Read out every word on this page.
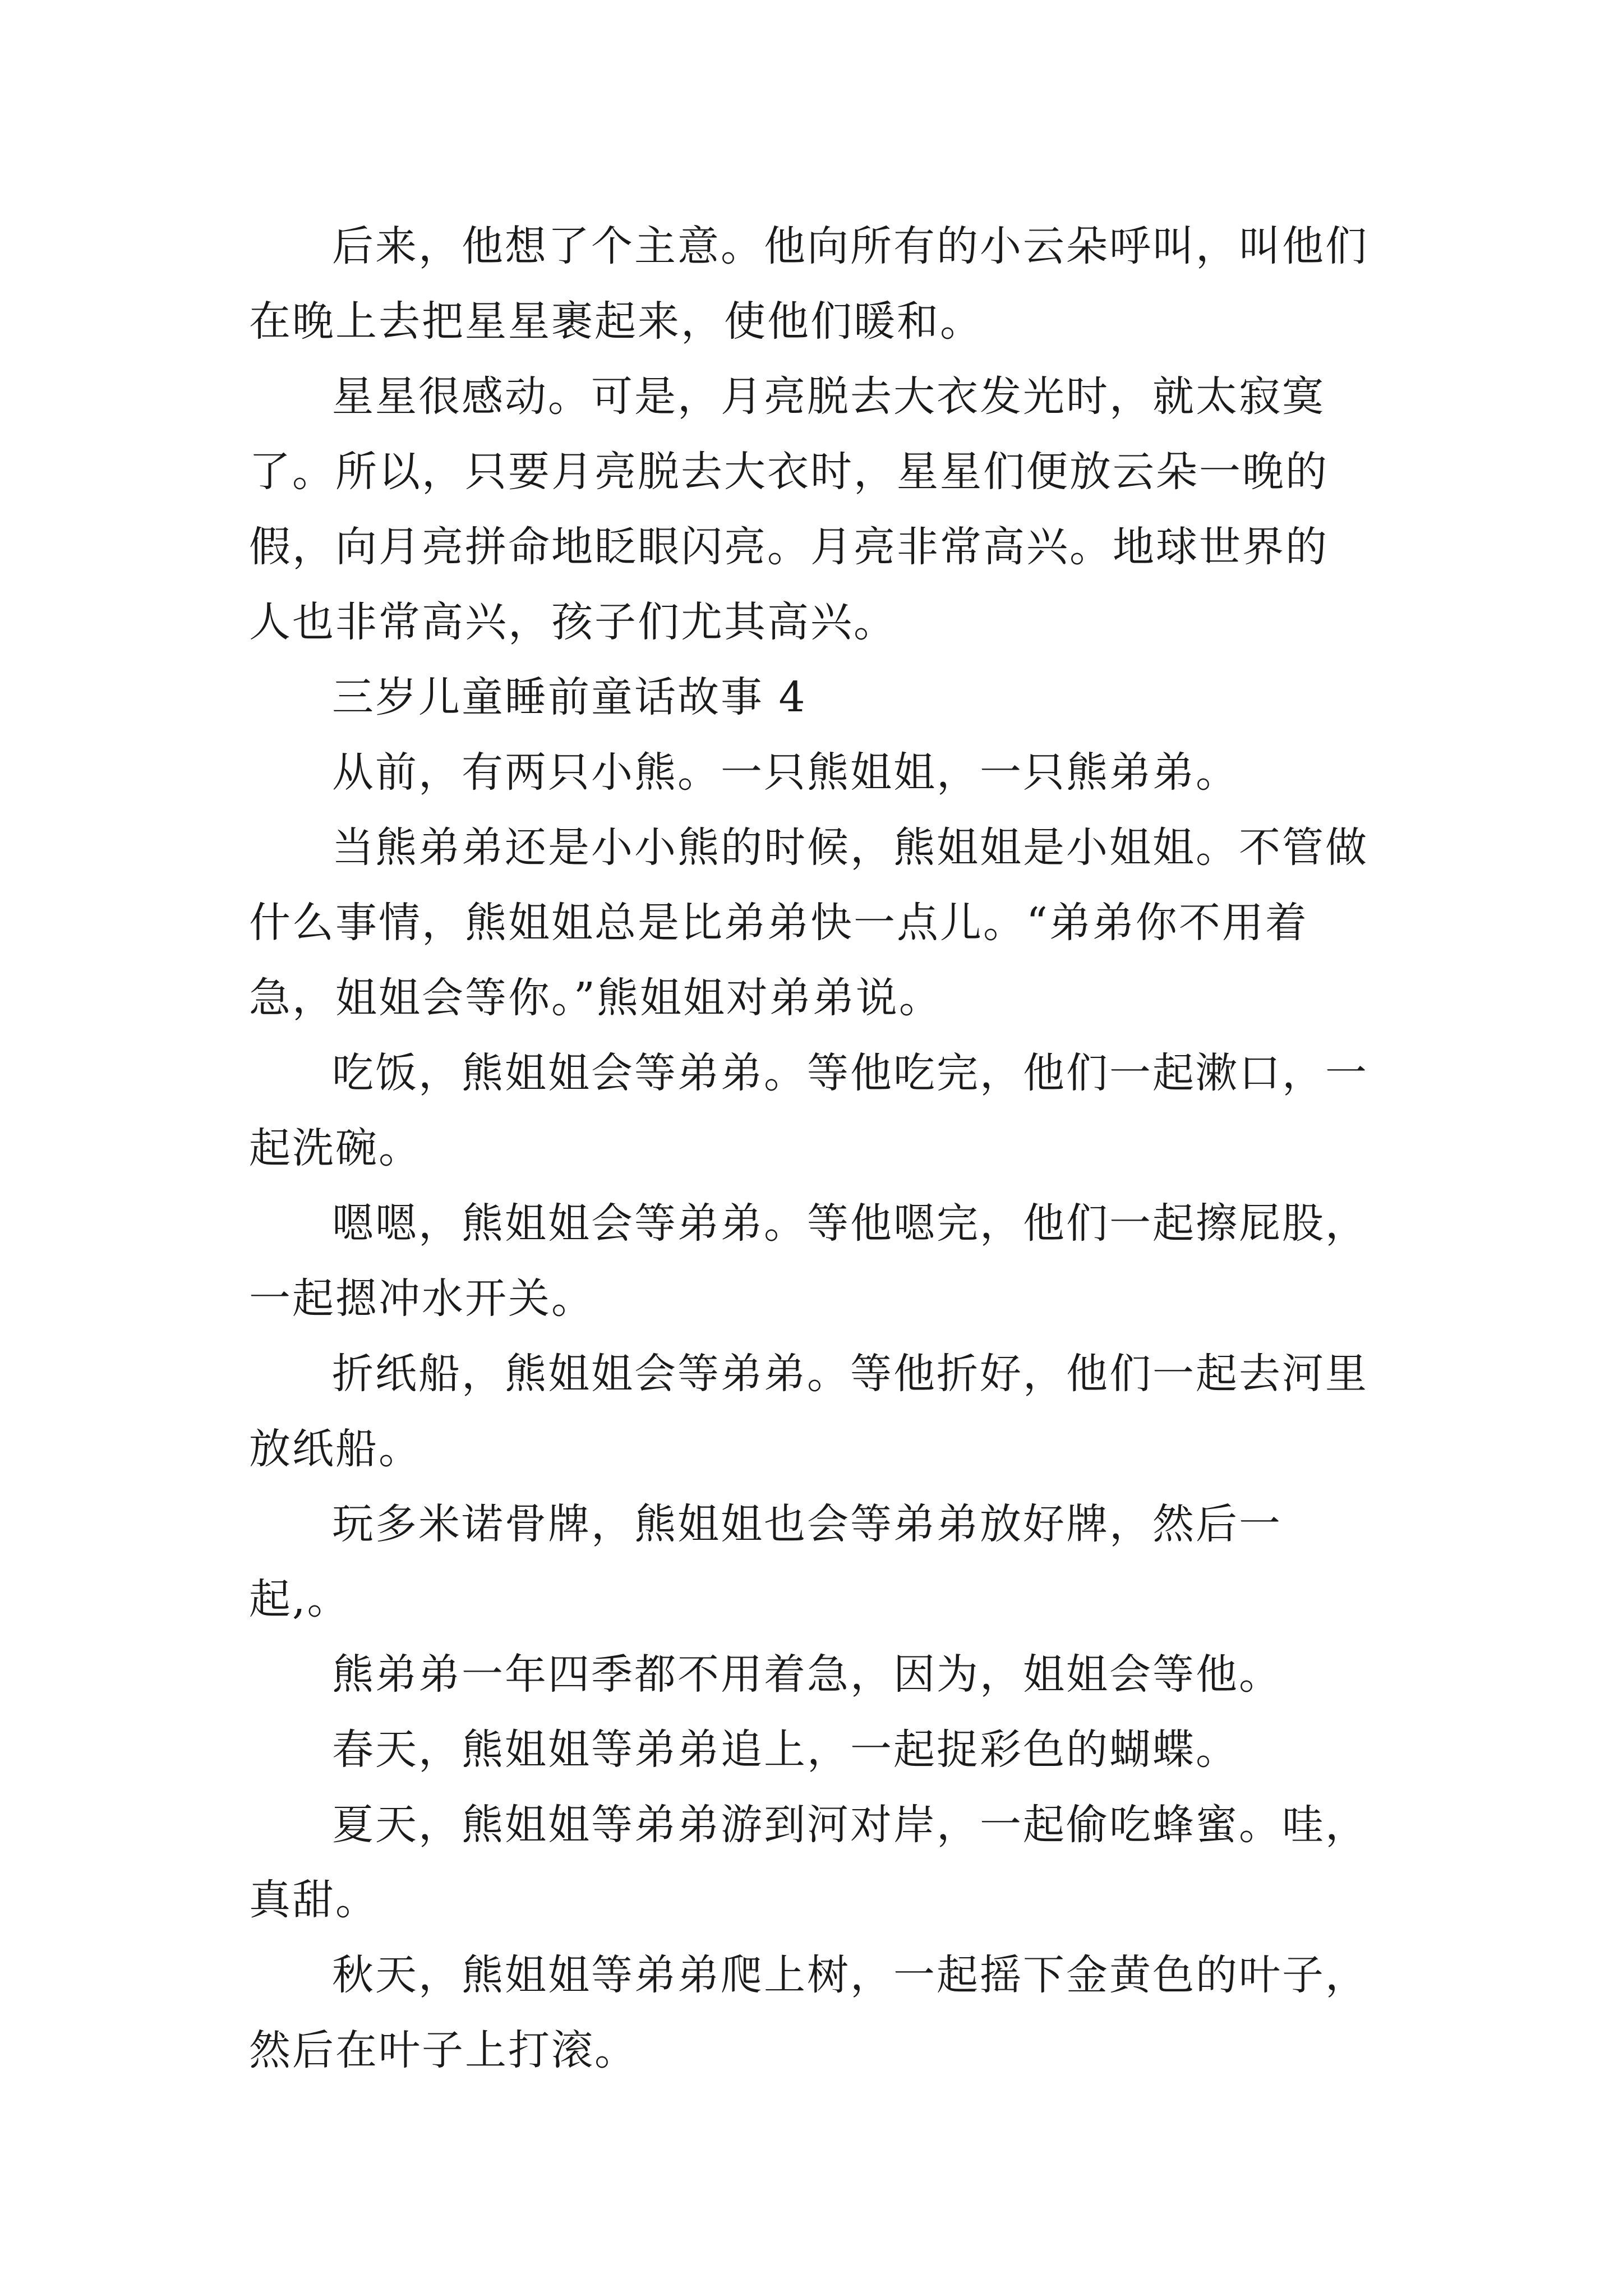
后来，他想了个主意。他向所有的小云朵呼叫，叫他们在晚上去把星星裹起来，使他们暖和。

星星很感动。可是，月亮脱去大衣发光时，就太寂寞了。所以，只要月亮脱去大衣时，星星们便放云朵一晚的假，向月亮拼命地眨眼闪亮。月亮非常高兴。地球世界的人也非常高兴，孩子们尤其高兴。

三岁儿童睡前童话故事 4

从前，有两只小熊。一只熊姐姐，一只熊弟弟。

当熊弟弟还是小小熊的时候，熊姐姐是小姐姐。不管做什么事情，熊姐姐总是比弟弟快一点儿。“弟弟你不用着急，姐姐会等你。”熊姐姐对弟弟说。

吃饭，熊姐姐会等弟弟。等他吃完，他们一起漱口，一起洗碗。

嗯嗯，熊姐姐会等弟弟。等他嗯完，他们一起擦屁股，一起摁冲水开关。

折纸船，熊姐姐会等弟弟。等他折好，他们一起去河里放纸船。

玩多米诺骨牌，熊姐姐也会等弟弟放好牌，然后一起,。

熊弟弟一年四季都不用着急，因为，姐姐会等他。

春天，熊姐姐等弟弟追上，一起捉彩色的蝴蝶。

夏天，熊姐姐等弟弟游到河对岸，一起偷吃蜂蜜。哇，真甜。

秋天，熊姐姐等弟弟爬上树，一起摇下金黄色的叶子，然后在叶子上打滚。
